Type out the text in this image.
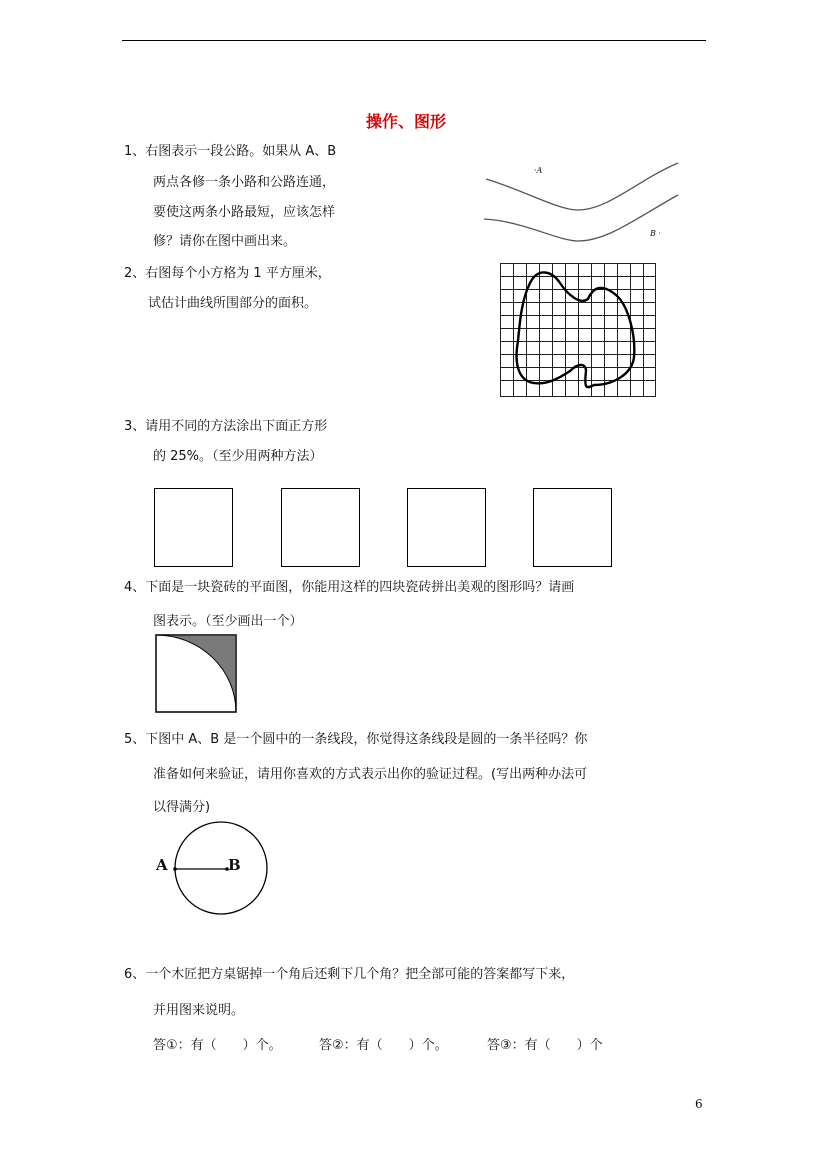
操作、图形
1、右图表示一段公路。如果从 A、B
两点各修一条小路和公路连通，
要使这两条小路最短，应该怎样
修？请你在图中画出来。
·A
B ·
2、右图每个小方格为 1 平方厘米，
试估计曲线所围部分的面积。
3、请用不同的方法涂出下面正方形
的 25%。（至少用两种方法）
4、下面是一块瓷砖的平面图，你能用这样的四块瓷砖拼出美观的图形吗？请画
图表示。（至少画出一个）
5、下图中 A、B 是一个圆中的一条线段，你觉得这条线段是圆的一条半径吗？你
准备如何来验证，请用你喜欢的方式表示出你的验证过程。(写出两种办法可
以得满分)
A	B
6、一个木匠把方桌锯掉一个角后还剩下几个角？把全部可能的答案都写下来，
并用图来说明。
答①：有（　　）个。	答②：有（　　）个。	答③：有（　　）个
6
